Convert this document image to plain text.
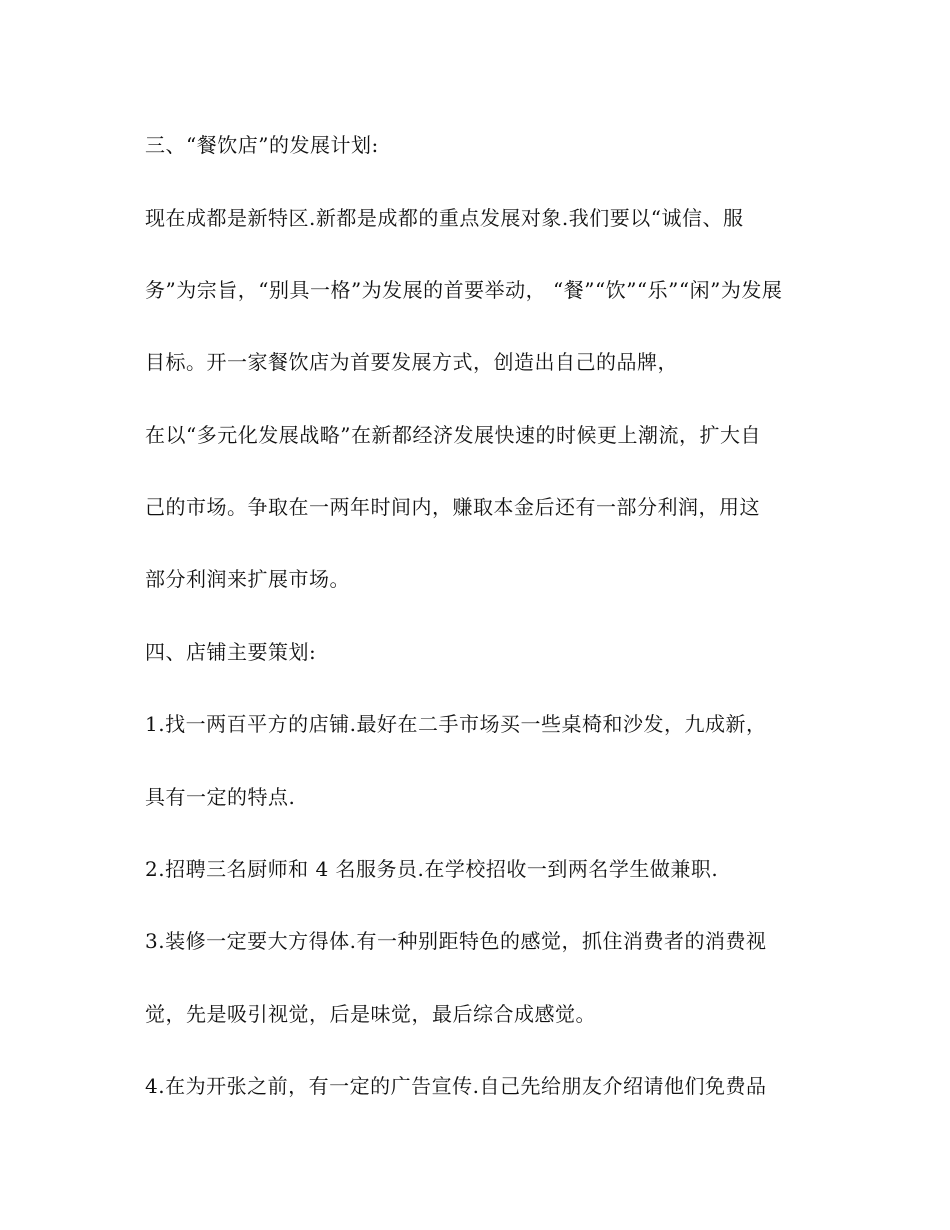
三、“餐饮店”的发展计划:
现在成都是新特区.新都是成都的重点发展对象.我们要以“诚信、服
务”为宗旨，“别具一格”为发展的首要举动， “餐”“饮”“乐”“闲”为发展
目标。开一家餐饮店为首要发展方式，创造出自己的品牌，
在以“多元化发展战略”在新都经济发展快速的时候更上潮流，扩大自
己的市场。争取在一两年时间内，赚取本金后还有一部分利润，用这
部分利润来扩展市场。
四、店铺主要策划:
1.找一两百平方的店铺.最好在二手市场买一些桌椅和沙发，九成新，
具有一定的特点.
2.招聘三名厨师和 4 名服务员.在学校招收一到两名学生做兼职.
3.装修一定要大方得体.有一种别距特色的感觉，抓住消费者的消费视
觉，先是吸引视觉，后是味觉，最后综合成感觉。
4.在为开张之前，有一定的广告宣传.自己先给朋友介绍请他们免费品
